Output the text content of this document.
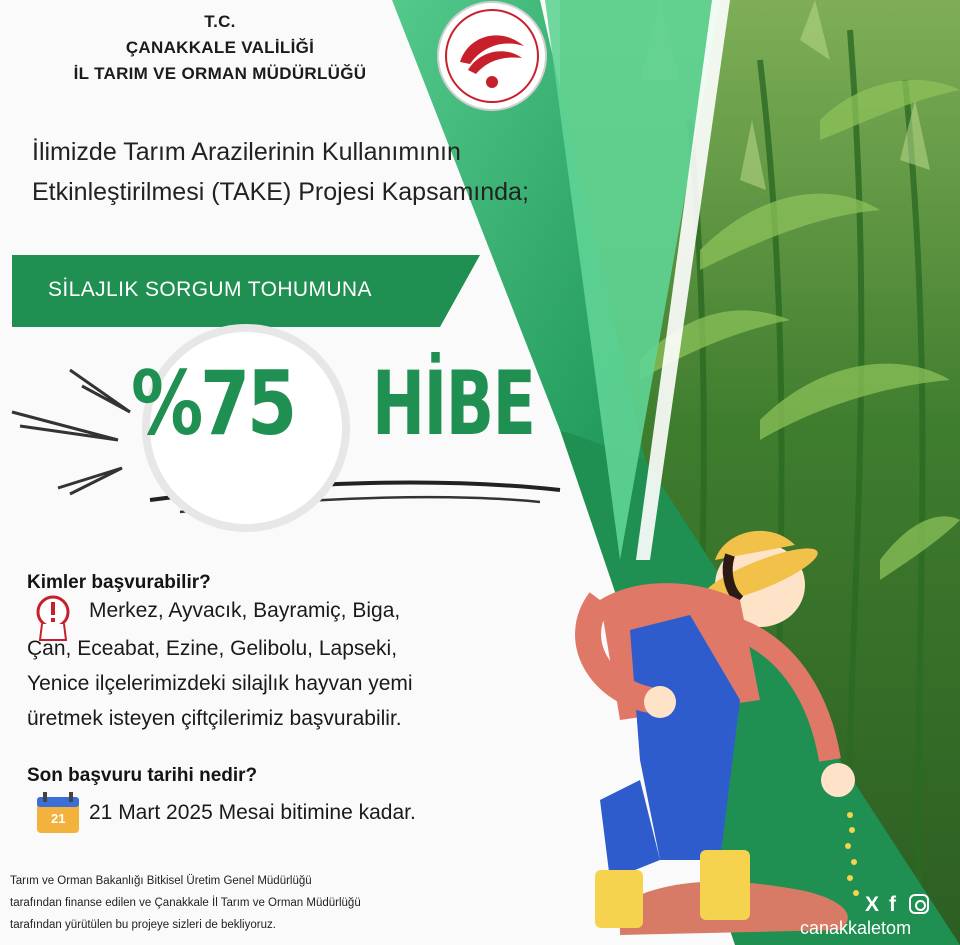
T.C.
ÇANAKKALE VALİLİĞİ
İL TARIM VE ORMAN MÜDÜRLÜĞÜ
İlimizde Tarım Arazilerinin Kullanımının
Etkinleştirilmesi (TAKE) Projesi Kapsamında;
SİLAJLIK SORGUM TOHUMUNA
%75 HİBE
Kimler başvurabilir?
Merkez, Ayvacık, Bayramiç, Biga,
Çan, Eceabat, Ezine, Gelibolu, Lapseki,
Yenice ilçelerimizdeki silajlık hayvan yemi
üretmek isteyen çiftçilerimiz başvurabilir.
Son başvuru tarihi nedir?
21 21 Mart 2025 Mesai bitimine kadar.
Tarım ve Orman Bakanlığı Bitkisel Üretim Genel Müdürlüğü
tarafından finanse edilen ve Çanakkale İl Tarım ve Orman Müdürlüğü
tarafından yürütülen bu projeye sizleri de bekliyoruz.
X f
canakkaletom
